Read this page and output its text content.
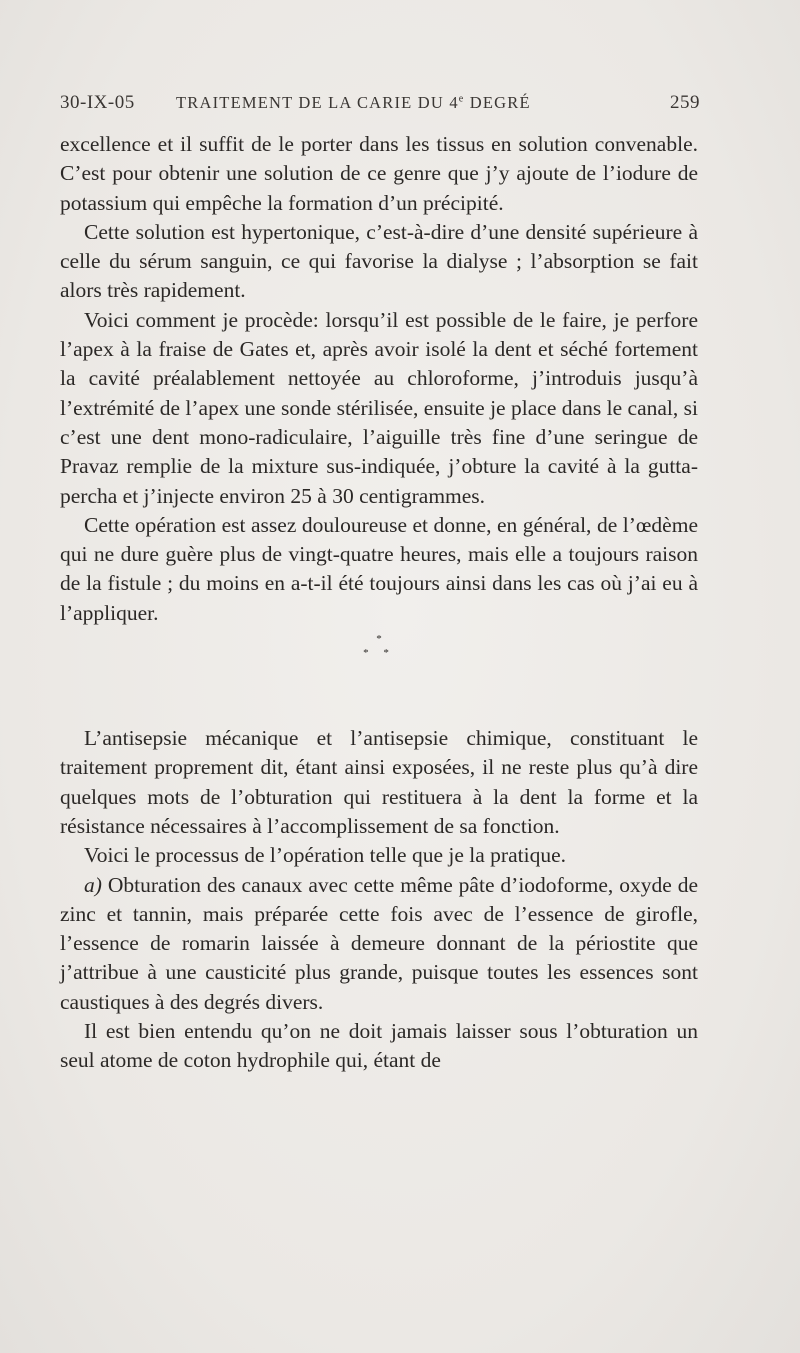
30-IX-05	TRAITEMENT DE LA CARIE DU 4e DEGRÉ	259

excellence et il suffit de le porter dans les tissus en solution convenable. C’est pour obtenir une solution de ce genre que j’y ajoute de l’iodure de potassium qui empêche la formation d’un précipité.

Cette solution est hypertonique, c’est-à-dire d’une densité supérieure à celle du sérum sanguin, ce qui favorise la dialyse ; l’absorption se fait alors très rapidement.

Voici comment je procède: lorsqu’il est possible de le faire, je perfore l’apex à la fraise de Gates et, après avoir isolé la dent et séché fortement la cavité préalablement nettoyée au chloroforme, j’introduis jusqu’à l’extrémité de l’apex une sonde stérilisée, ensuite je place dans le canal, si c’est une dent mono-radiculaire, l’aiguille très fine d’une seringue de Pravaz remplie de la mixture sus-indiquée, j’obture la cavité à la gutta-percha et j’injecte environ 25 à 30 centigrammes.

Cette opération est assez douloureuse et donne, en général, de l’œdème qui ne dure guère plus de vingt-quatre heures, mais elle a toujours raison de la fistule ; du moins en a-t-il été toujours ainsi dans les cas où j’ai eu à l’appliquer.

*
* *

L’antisepsie mécanique et l’antisepsie chimique, constituant le traitement proprement dit, étant ainsi exposées, il ne reste plus qu’à dire quelques mots de l’obturation qui restituera à la dent la forme et la résistance nécessaires à l’accomplissement de sa fonction.

Voici le processus de l’opération telle que je la pratique.

a) Obturation des canaux avec cette même pâte d’iodoforme, oxyde de zinc et tannin, mais préparée cette fois avec de l’essence de girofle, l’essence de romarin laissée à demeure donnant de la périostite que j’attribue à une causticité plus grande, puisque toutes les essences sont caustiques à des degrés divers.

Il est bien entendu qu’on ne doit jamais laisser sous l’obturation un seul atome de coton hydrophile qui, étant de
